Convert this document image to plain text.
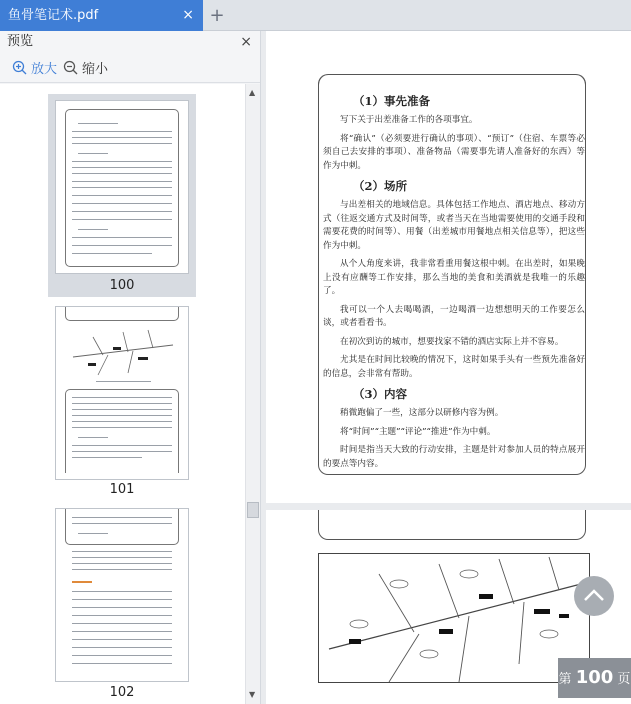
鱼骨笔记术.pdf	× +
预览	×
放大 缩小
100
101
102
▲
▼
（1）事先准备
写下关于出差准备工作的各项事宜。
将“确认”（必须要进行确认的事项）、“预订”（住宿、车票等必须自己去安排的事项）、准备物品（需要事先请人准备好的东西）等作为中刺。
（2）场所
与出差相关的地域信息。具体包括工作地点、酒店地点、移动方式（往返交通方式及时间等，或者当天在当地需要使用的交通手段和需要花费的时间等）、用餐（出差城市用餐地点相关信息等），把这些作为中刺。
从个人角度来讲，我非常看重用餐这根中刺。在出差时，如果晚上没有应酬等工作安排，那么当地的美食和美酒就是我唯一的乐趣了。
我可以一个人去喝喝酒，一边喝酒一边想想明天的工作要怎么谈，或者看看书。
在初次到访的城市，想要找家不错的酒店实际上并不容易。
尤其是在时间比较晚的情况下，这时如果手头有一些预先准备好的信息，会非常有帮助。
（3）内容
稍微跑偏了一些，这部分以研修内容为例。
将“时间”“主题”“评论”“推进”作为中刺。
时间是指当天大致的行动安排，主题是针对参加人员的特点展开的要点等内容。
第 100 页
